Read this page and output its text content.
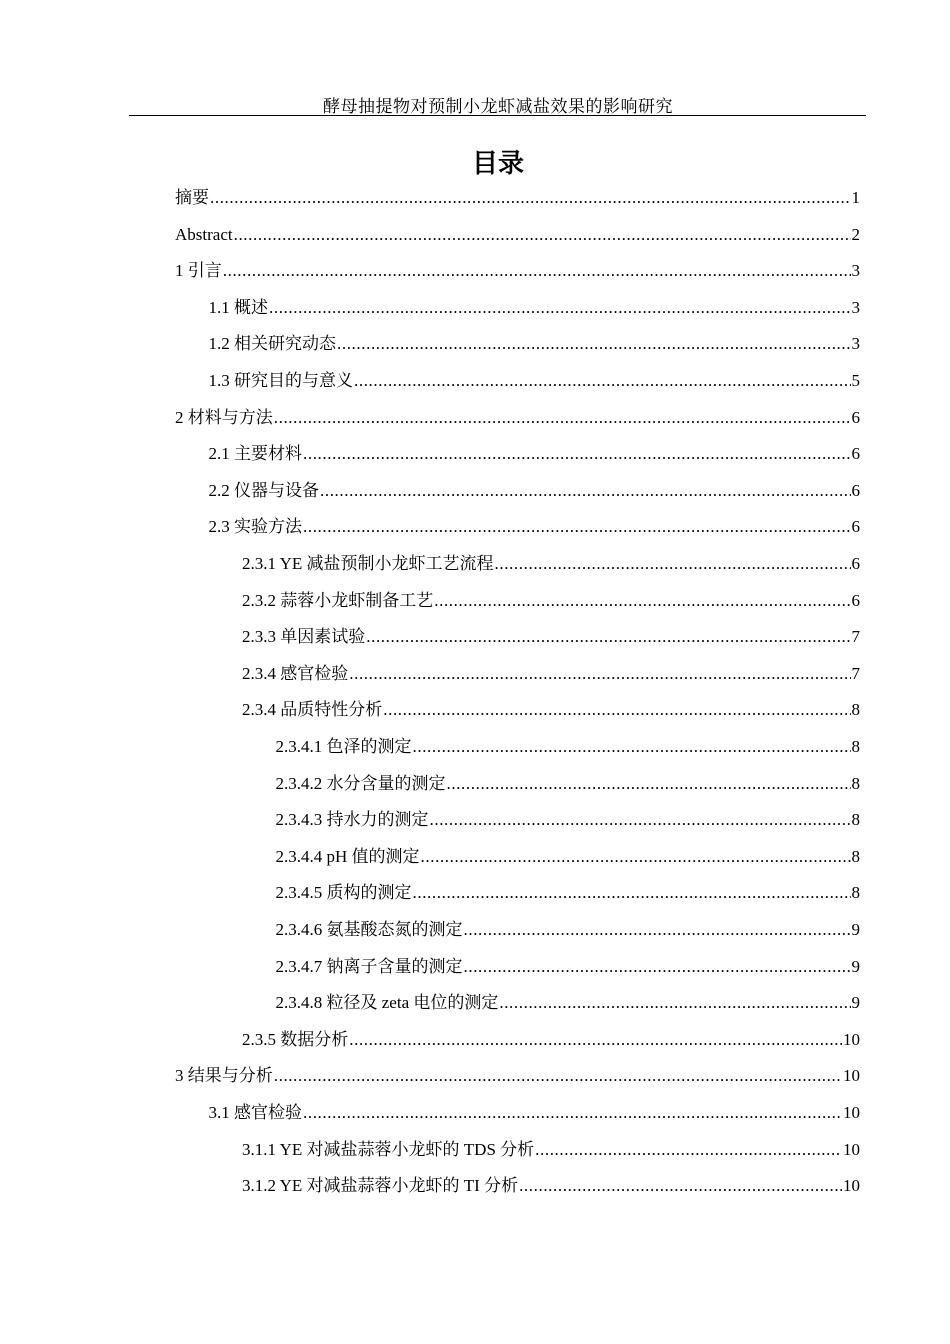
酵母抽提物对预制小龙虾减盐效果的影响研究
目录
摘要 .....	1
Abstract .....	2
1 引言 .....	3
1.1 概述 .....	3
1.2 相关研究动态 .....	3
1.3 研究目的与意义 .....	5
2 材料与方法 .....	6
2.1 主要材料 .....	6
2.2 仪器与设备 .....	6
2.3 实验方法 .....	6
2.3.1 YE 减盐预制小龙虾工艺流程 .....	6
2.3.2 蒜蓉小龙虾制备工艺 .....	6
2.3.3 单因素试验 .....	7
2.3.4 感官检验 .....	7
2.3.4 品质特性分析 .....	8
2.3.4.1 色泽的测定 .....	8
2.3.4.2 水分含量的测定 .....	8
2.3.4.3 持水力的测定 .....	8
2.3.4.4 pH 值的测定 .....	8
2.3.4.5 质构的测定 .....	8
2.3.4.6 氨基酸态氮的测定 .....	9
2.3.4.7 钠离子含量的测定 .....	9
2.3.4.8 粒径及 zeta 电位的测定 .....	9
2.3.5 数据分析 .....	10
3 结果与分析 .....	10
3.1 感官检验 .....	10
3.1.1 YE 对减盐蒜蓉小龙虾的 TDS 分析 .....	10
3.1.2 YE 对减盐蒜蓉小龙虾的 TI 分析 .....	10
